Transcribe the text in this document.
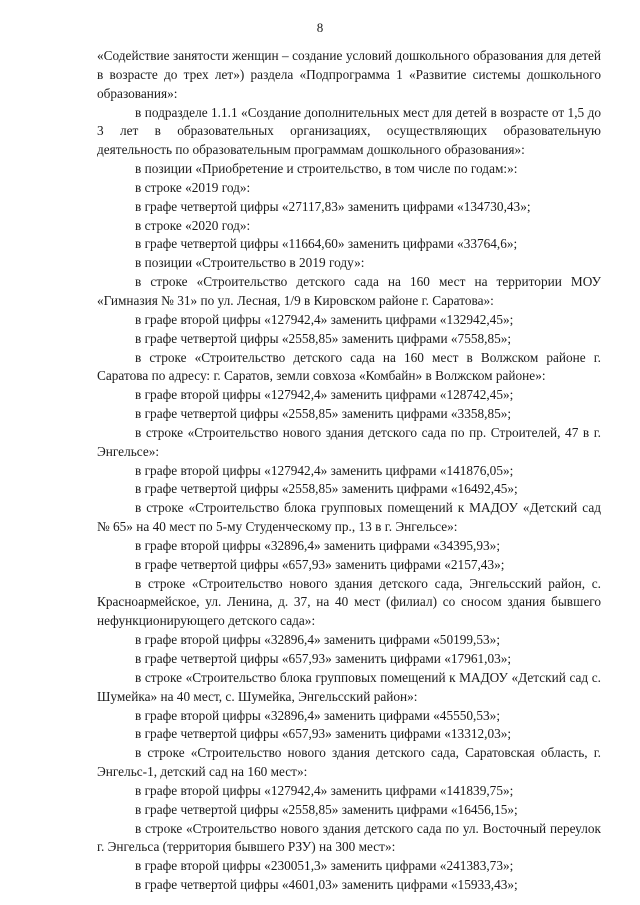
8

«Содействие занятости женщин – создание условий дошкольного образования для детей в возрасте до трех лет») раздела «Подпрограмма 1 «Развитие системы дошкольного образования»:

в подразделе 1.1.1 «Создание дополнительных мест для детей в возрасте от 1,5 до 3 лет в образовательных организациях, осуществляющих образовательную деятельность по образовательным программам дошкольного образования»:

в позиции «Приобретение и строительство, в том числе по годам:»:

в строке «2019 год»:

в графе четвертой цифры «27117,83» заменить цифрами «134730,43»;

в строке «2020 год»:

в графе четвертой цифры «11664,60» заменить цифрами «33764,6»;

в позиции «Строительство в 2019 году»:

в строке «Строительство детского сада на 160 мест на территории МОУ «Гимназия № 31» по ул. Лесная, 1/9 в Кировском районе г. Саратова»:

в графе второй цифры «127942,4» заменить цифрами «132942,45»;

в графе четвертой цифры «2558,85» заменить цифрами «7558,85»;

в строке «Строительство детского сада на 160 мест в Волжском районе г. Саратова по адресу: г. Саратов, земли совхоза «Комбайн» в Волжском районе»:

в графе второй цифры «127942,4» заменить цифрами «128742,45»;

в графе четвертой цифры «2558,85» заменить цифрами «3358,85»;

в строке «Строительство нового здания детского сада по пр. Строителей, 47 в г. Энгельсе»:

в графе второй цифры «127942,4» заменить цифрами «141876,05»;

в графе четвертой цифры «2558,85» заменить цифрами «16492,45»;

в строке «Строительство блока групповых помещений к МАДОУ «Детский сад № 65» на 40 мест по 5-му Студенческому пр., 13 в г. Энгельсе»:

в графе второй цифры «32896,4» заменить цифрами «34395,93»;

в графе четвертой цифры «657,93» заменить цифрами «2157,43»;

в строке «Строительство нового здания детского сада, Энгельсский район, с. Красноармейское, ул. Ленина, д. 37, на 40 мест (филиал) со сносом здания бывшего нефункционирующего детского сада»:

в графе второй цифры «32896,4» заменить цифрами «50199,53»;

в графе четвертой цифры «657,93» заменить цифрами «17961,03»;

в строке «Строительство блока групповых помещений к МАДОУ «Детский сад с. Шумейка» на 40 мест, с. Шумейка, Энгельсский район»:

в графе второй цифры «32896,4» заменить цифрами «45550,53»;

в графе четвертой цифры «657,93» заменить цифрами «13312,03»;

в строке «Строительство нового здания детского сада, Саратовская область, г. Энгельс-1, детский сад на 160 мест»:

в графе второй цифры «127942,4» заменить цифрами «141839,75»;

в графе четвертой цифры «2558,85» заменить цифрами «16456,15»;

в строке «Строительство нового здания детского сада по ул. Восточный переулок г. Энгельса (территория бывшего РЗУ) на 300 мест»:

в графе второй цифры «230051,3» заменить цифрами «241383,73»;

в графе четвертой цифры «4601,03» заменить цифрами «15933,43»;
